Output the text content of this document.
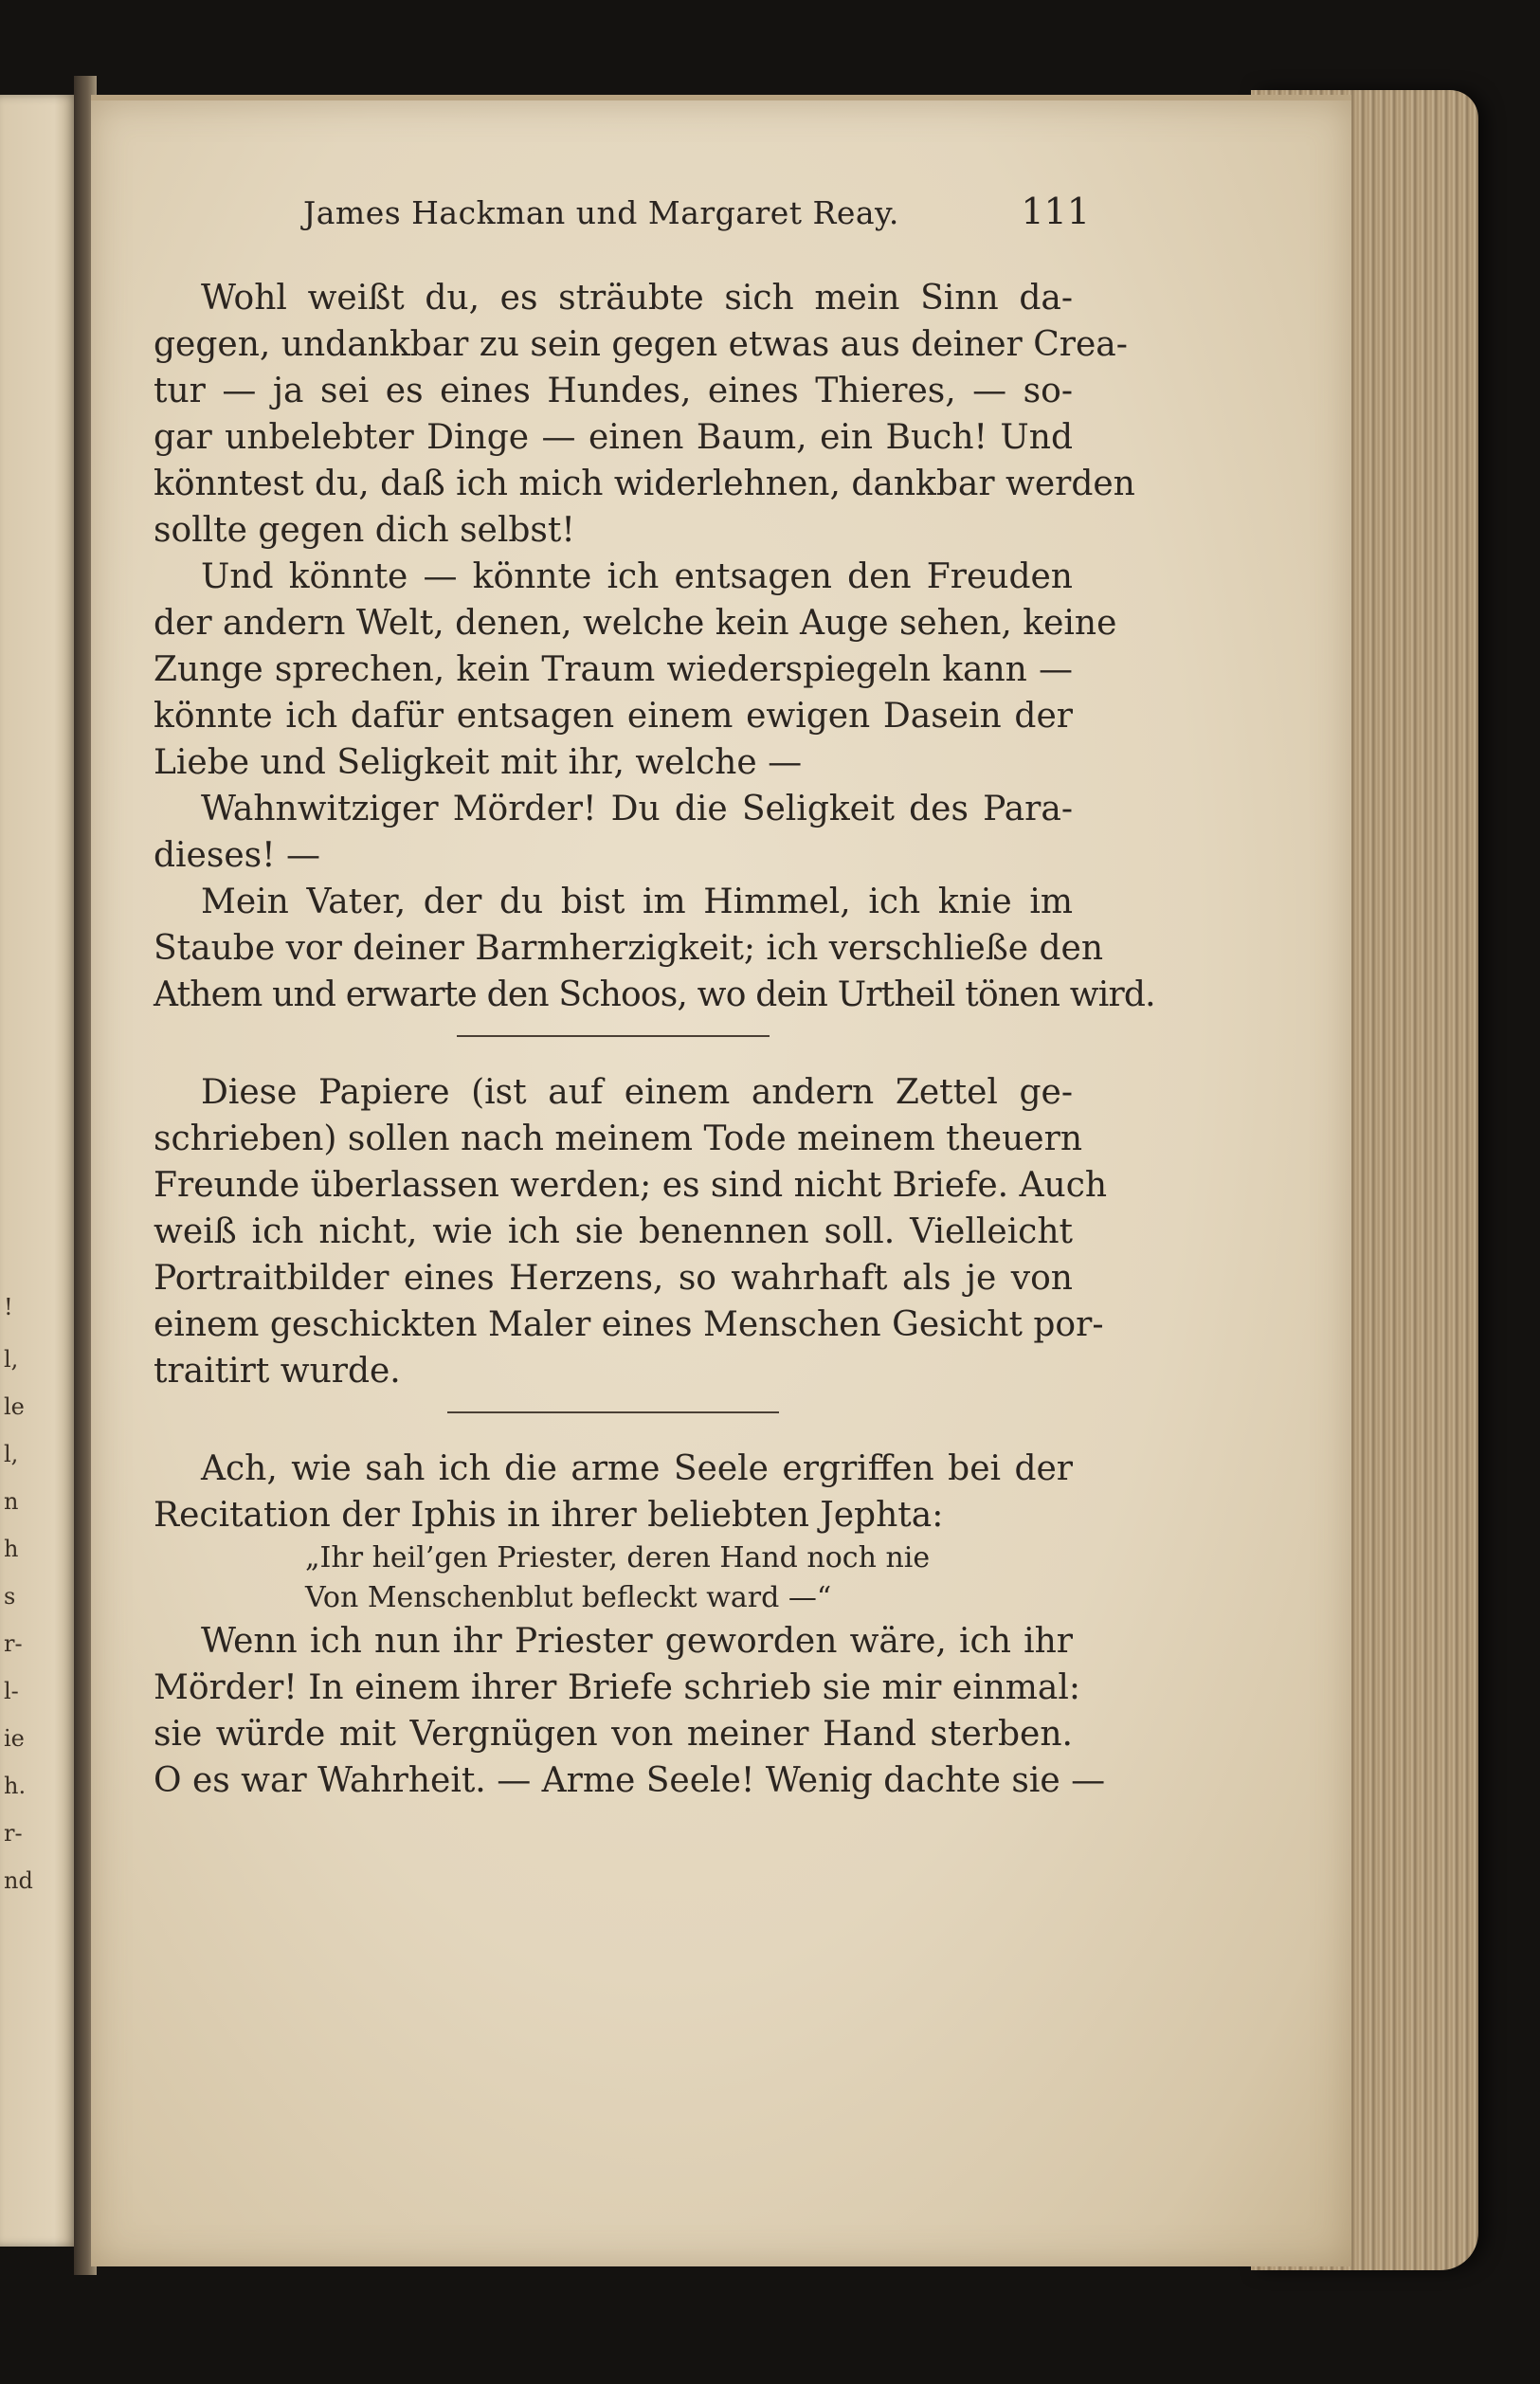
!
l,
le
l,
n
h
s
r-
l-
ie
h.
r-
nd
James Hackman und Margaret Reay.	111
Wohl weißt du, es sträubte sich mein Sinn da-
gegen, undankbar zu sein gegen etwas aus deiner Crea-
tur — ja sei es eines Hundes, eines Thieres, — so-
gar unbelebter Dinge — einen Baum, ein Buch! Und
könntest du, daß ich mich widerlehnen, dankbar werden
sollte gegen dich selbst!
Und könnte — könnte ich entsagen den Freuden
der andern Welt, denen, welche kein Auge sehen, keine
Zunge sprechen, kein Traum wiederspiegeln kann —
könnte ich dafür entsagen einem ewigen Dasein der
Liebe und Seligkeit mit ihr, welche —
Wahnwitziger Mörder! Du die Seligkeit des Para-
dieses! —
Mein Vater, der du bist im Himmel, ich knie im
Staube vor deiner Barmherzigkeit; ich verschließe den
Athem und erwarte den Schoos, wo dein Urtheil tönen wird.
Diese Papiere (ist auf einem andern Zettel ge-
schrieben) sollen nach meinem Tode meinem theuern
Freunde überlassen werden; es sind nicht Briefe. Auch
weiß ich nicht, wie ich sie benennen soll. Vielleicht
Portraitbilder eines Herzens, so wahrhaft als je von
einem geschickten Maler eines Menschen Gesicht por-
traitirt wurde.
Ach, wie sah ich die arme Seele ergriffen bei der
Recitation der Iphis in ihrer beliebten Jephta:
„Ihr heil’gen Priester, deren Hand noch nie
Von Menschenblut befleckt ward —“
Wenn ich nun ihr Priester geworden wäre, ich ihr
Mörder! In einem ihrer Briefe schrieb sie mir einmal:
sie würde mit Vergnügen von meiner Hand sterben.
O es war Wahrheit. — Arme Seele! Wenig dachte sie —
